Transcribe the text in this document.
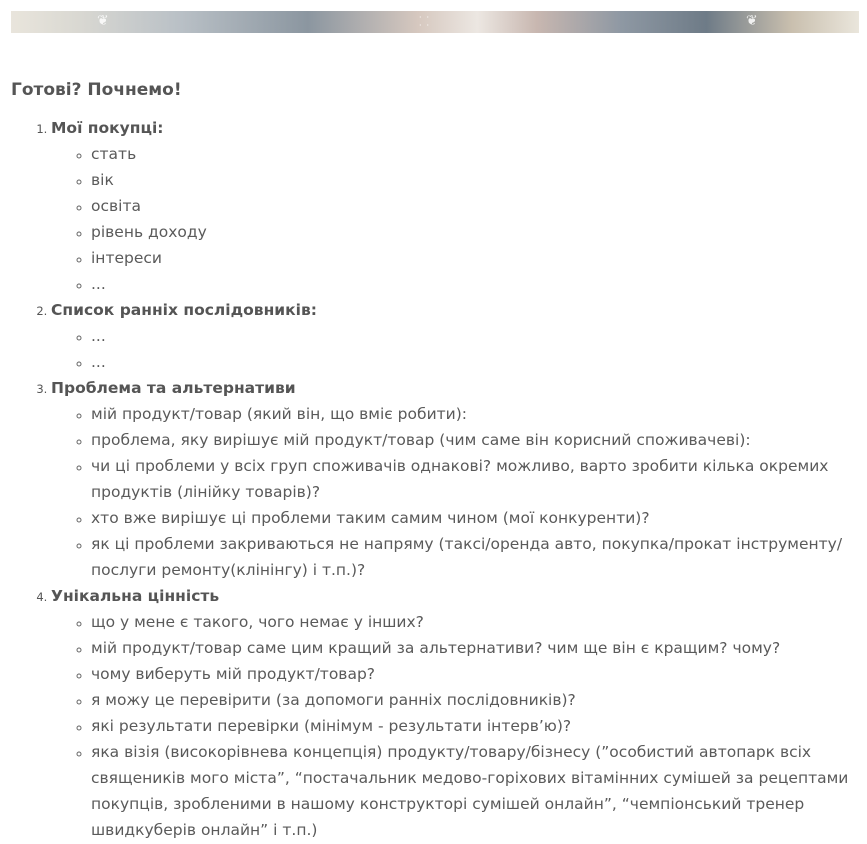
❦	··
··	❦
Готові? Почнемо!
1. Мої покупці:
◦ стать
◦ вік
◦ освіта
◦ рівень доходу
◦ інтереси
◦ ...
2. Список ранніх послідовників:
◦ ...
◦ ...
3. Проблема та альтернативи
◦ мій продукт/товар (який він, що вміє робити):
◦ проблема, яку вирішує мій продукт/товар (чим саме він корисний споживачеві):
◦ чи ці проблеми у всіх груп споживачів однакові? можливо, варто зробити кілька окремих продуктів (лінійку товарів)?
◦ хто вже вирішує ці проблеми таким самим чином (мої конкуренти)?
◦ як ці проблеми закриваються не напряму (таксі/оренда авто, покупка/прокат інструменту/послуги ремонту(клінінгу) і т.п.)?
4. Унікальна цінність
◦ що у мене є такого, чого немає у інших?
◦ мій продукт/товар саме цим кращий за альтернативи? чим ще він є кращим? чому?
◦ чому виберуть мій продукт/товар?
◦ я можу це перевірити (за допомоги ранніх послідовників)?
◦ які результати перевірки (мінімум - результати інтерв’ю)?
◦ яка візія (високорівнева концепція) продукту/товару/бізнесу (”особистий автопарк всіх священиків мого міста”, “постачальник медово-горіхових вітамінних сумішей за рецептами покупців, зробленими в нашому конструкторі сумішей онлайн”, “чемпіонський тренер швидкуберів онлайн” і т.п.)
